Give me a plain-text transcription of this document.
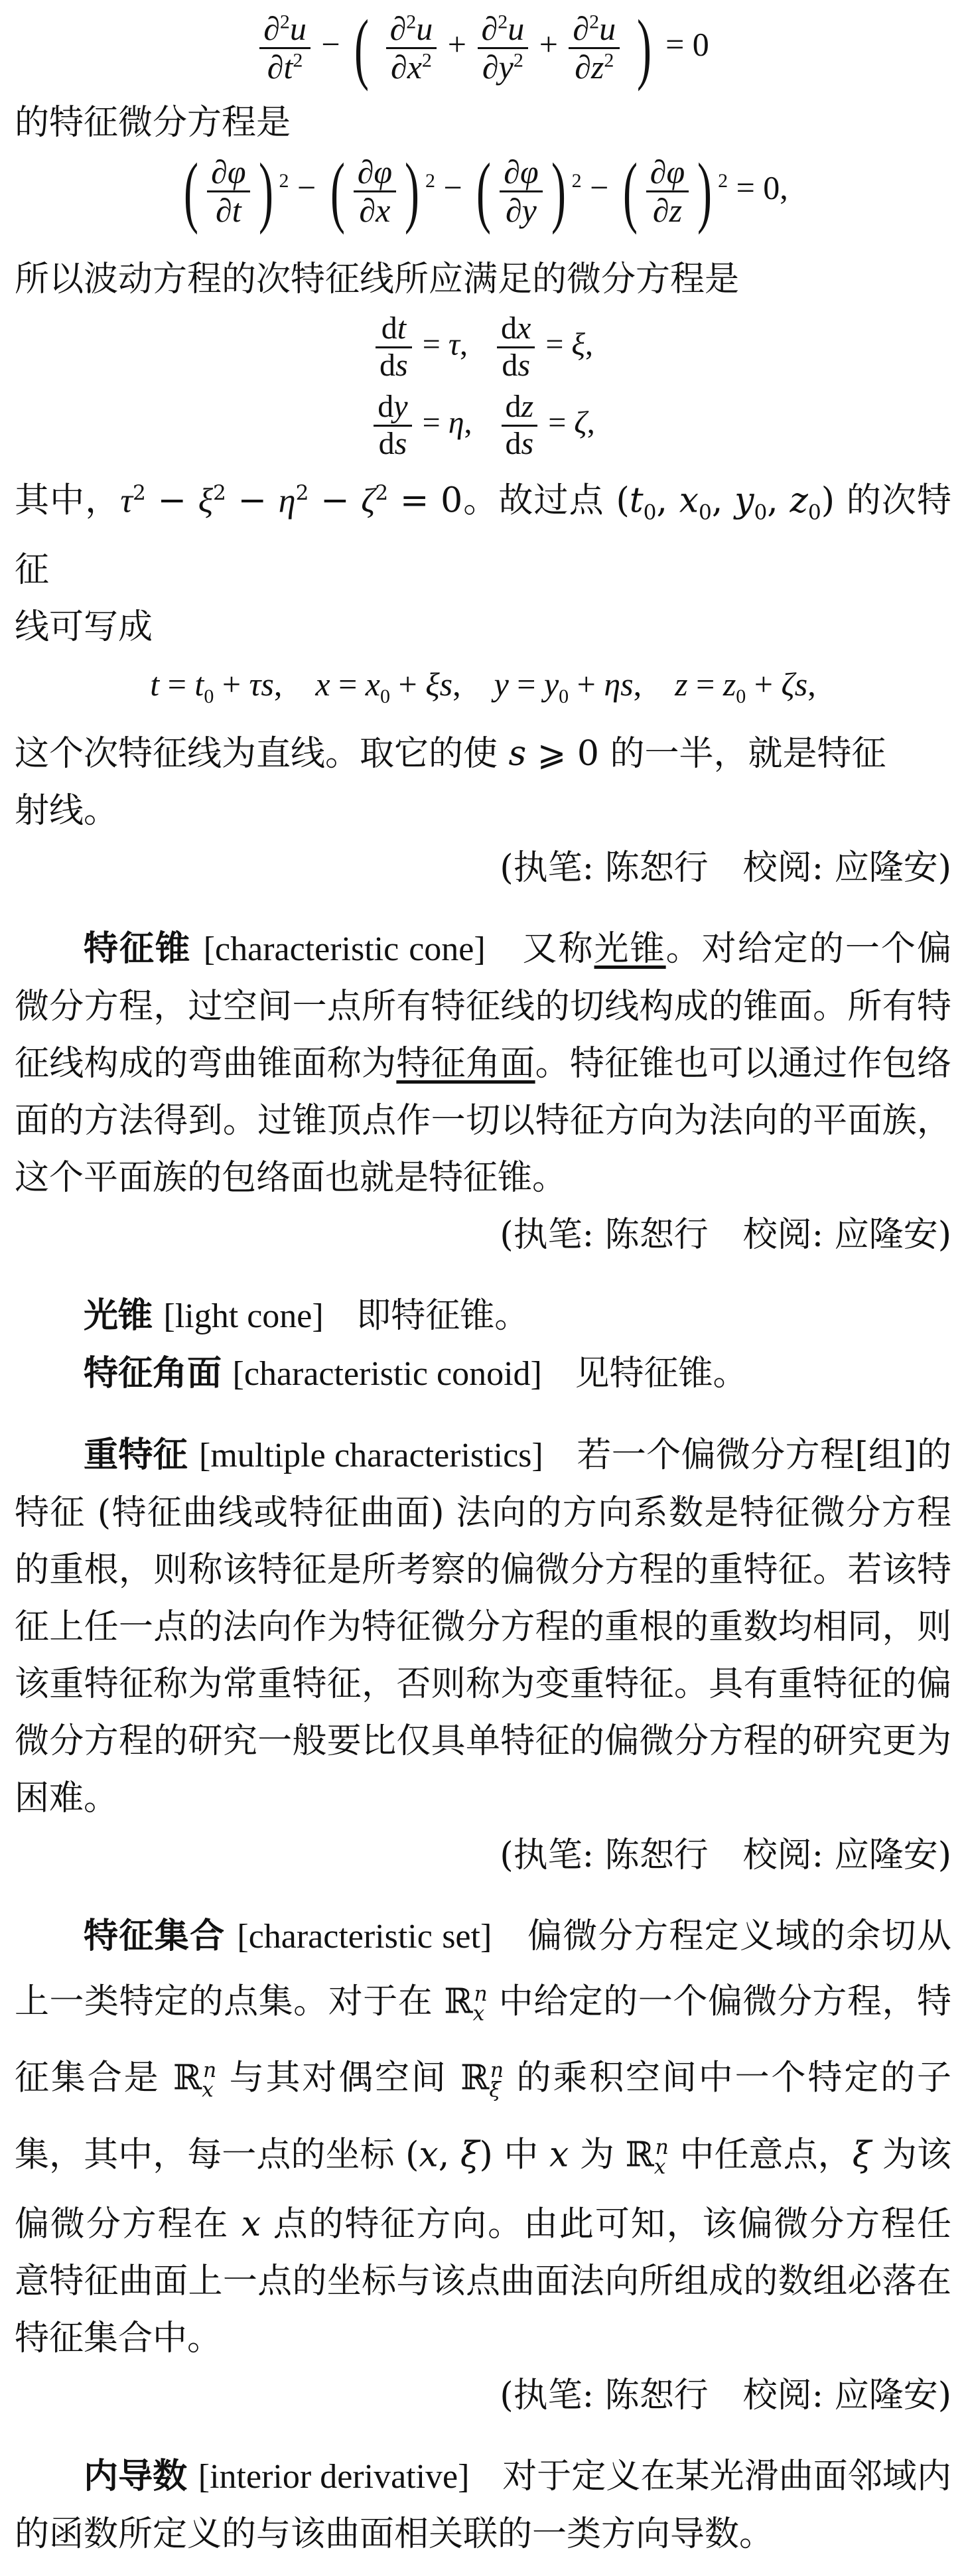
$\frac{\partial^2u}{\partial t^2}$ − ( $\frac{\partial^2u}{\partial x^2} + \frac{\partial^2u}{\partial y^2} + \frac{\partial^2u}{\partial z^2}$ ) = 0

的特征微分方程是

( $\frac{\partial\varphi}{\partial t}$ ) $^2$ − ( $\frac{\partial\varphi}{\partial x}$ ) $^2$ − ( $\frac{\partial\varphi}{\partial y}$ ) $^2$ − ( $\frac{\partial\varphi}{\partial z}$ ) $^2$ = 0,

所以波动方程的次特征线所应满足的微分方程是

$\frac{dt}{ds} = \tau$, $\frac{dx}{ds} = \xi$,
$\frac{dy}{ds} = \eta$, $\frac{dz}{ds} = \zeta$,

其中，$\tau^2 - \xi^2 - \eta^2 - \zeta^2 = 0$。故过点 ($t_0$, $x_0$, $y_0$, $z_0$) 的次特征

线可写成

$t = t_0 + \tau s$,    $x = x_0 + \xi s$,    $y = y_0 + \eta s$,    $z = z_0 + \zeta s$,

这个次特征线为直线。取它的使 s ⩾ 0 的一半，就是特征

射线。

(执笔: 陈恕行　校阅: 应隆安)

特征锥 [characteristic cone] 又称光锥。对给定的一个偏微分方程，过空间一点所有特征线的切线构成的锥面。所有特征线构成的弯曲锥面称为特征角面。特征锥也可以通过作包络面的方法得到。过锥顶点作一切以特征方向为法向的平面族，这个平面族的包络面也就是特征锥。

(执笔: 陈恕行　校阅: 应隆安)

光锥 [light cone] 即特征锥。

特征角面 [characteristic conoid] 见特征锥。

重特征 [multiple characteristics] 若一个偏微分方程[组]的特征 (特征曲线或特征曲面) 法向的方向系数是特征微分方程的重根，则称该特征是所考察的偏微分方程的重特征。若该特征上任一点的法向作为特征微分方程的重根的重数均相同，则该重特征称为常重特征，否则称为变重特征。具有重特征的偏微分方程的研究一般要比仅具单特征的偏微分方程的研究更为困难。

(执笔: 陈恕行　校阅: 应隆安)

特征集合 [characteristic set] 偏微分方程定义域的余切从上一类特定的点集。对于在 ℝ$_x^n$ 中给定的一个偏微分方程，特征集合是 ℝ$_x^n$ 与其对偶空间 ℝ$_\xi^n$ 的乘积空间中一个特定的子集，其中，每一点的坐标 (x, ξ) 中 x 为 ℝ$_x^n$ 中任意点，ξ 为该偏微分方程在 x 点的特征方向。由此可知，该偏微分方程任意特征曲面上一点的坐标与该点曲面法向所组成的数组必落在特征集合中。

(执笔: 陈恕行　校阅: 应隆安)

内导数 [interior derivative] 对于定义在某光滑曲面邻域内的函数所定义的与该曲面相关联的一类方向导数。
